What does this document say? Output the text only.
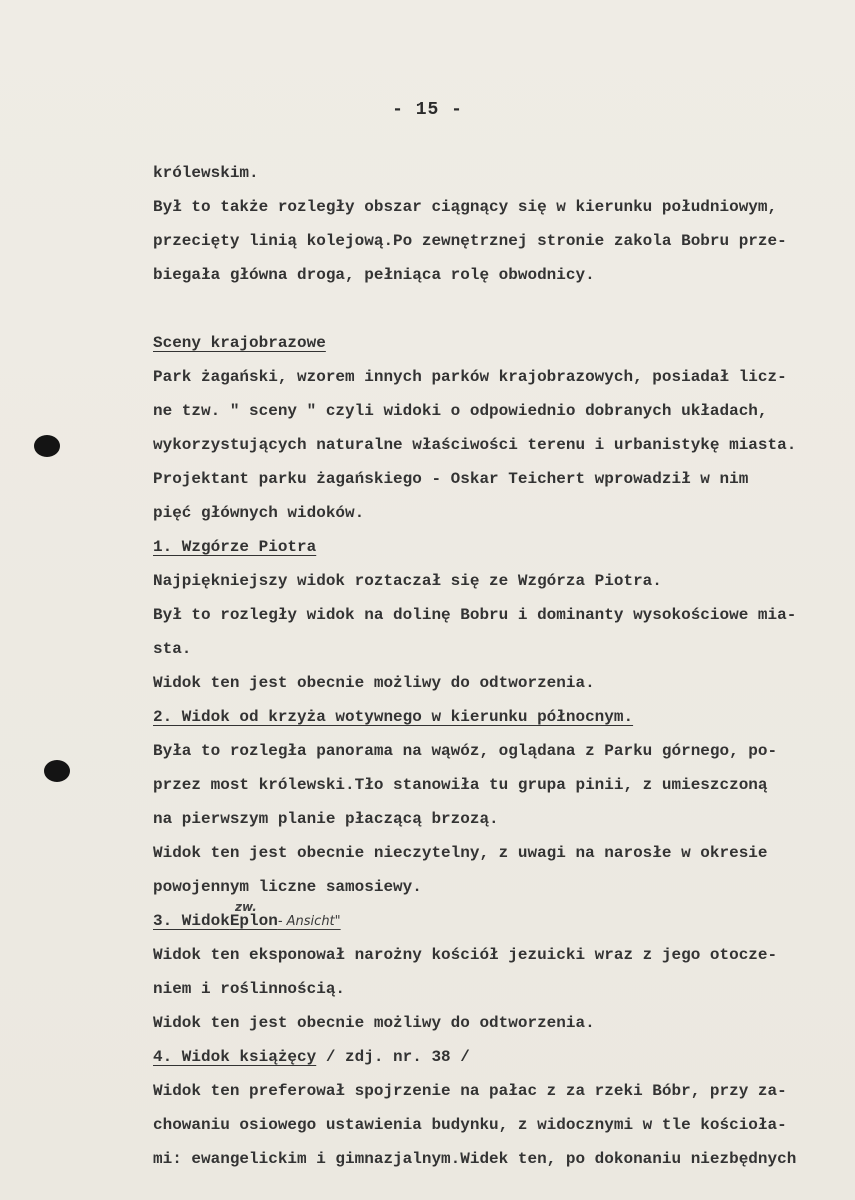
- 15 -
królewskim.
Był to także rozległy obszar ciągnący się w kierunku południowym,
przecięty linią kolejową.Po zewnętrznej stronie zakola Bobru prze-
biegała główna droga, pełniąca rolę obwodnicy.
Sceny krajobrazowe
Park żagański, wzorem innych parków krajobrazowych, posiadał licz-
ne tzw. " sceny " czyli widoki o odpowiednio dobranych układach,
wykorzystujących naturalne właściwości terenu i urbanistykę miasta.
Projektant parku żagańskiego - Oskar Teichert wprowadził w nim
pięć głównych widoków.
1. Wzgórze Piotra
Najpiękniejszy widok roztaczał się ze Wzgórza Piotra.
Był to rozległy widok na dolinę Bobru i dominanty wysokościowe mia-
sta.
Widok ten jest obecnie możliwy do odtworzenia.
2. Widok od krzyża wotywnego w kierunku północnym.
Była to rozległa panorama na wąwóz, oglądana z Parku górnego, po-
przez most królewski.Tło stanowiła tu grupa pinii, z umieszczoną
na pierwszym planie płaczącą brzozą.
Widok ten jest obecnie nieczytelny, z uwagi na narosłe w okresie
powojennym liczne samosiewy.
3. WidokEplon- Ansicht"
zw.
Widok ten eksponował narożny kościół jezuicki wraz z jego otocze-
niem i roślinnością.
Widok ten jest obecnie możliwy do odtworzenia.
4. Widok książęcy / zdj. nr. 38 /
Widok ten preferował spojrzenie na pałac z za rzeki Bóbr, przy za-
chowaniu osiowego ustawienia budynku, z widocznymi w tle kościoła-
mi: ewangelickim i gimnazjalnym.Widek ten, po dokonaniu niezbędnych
